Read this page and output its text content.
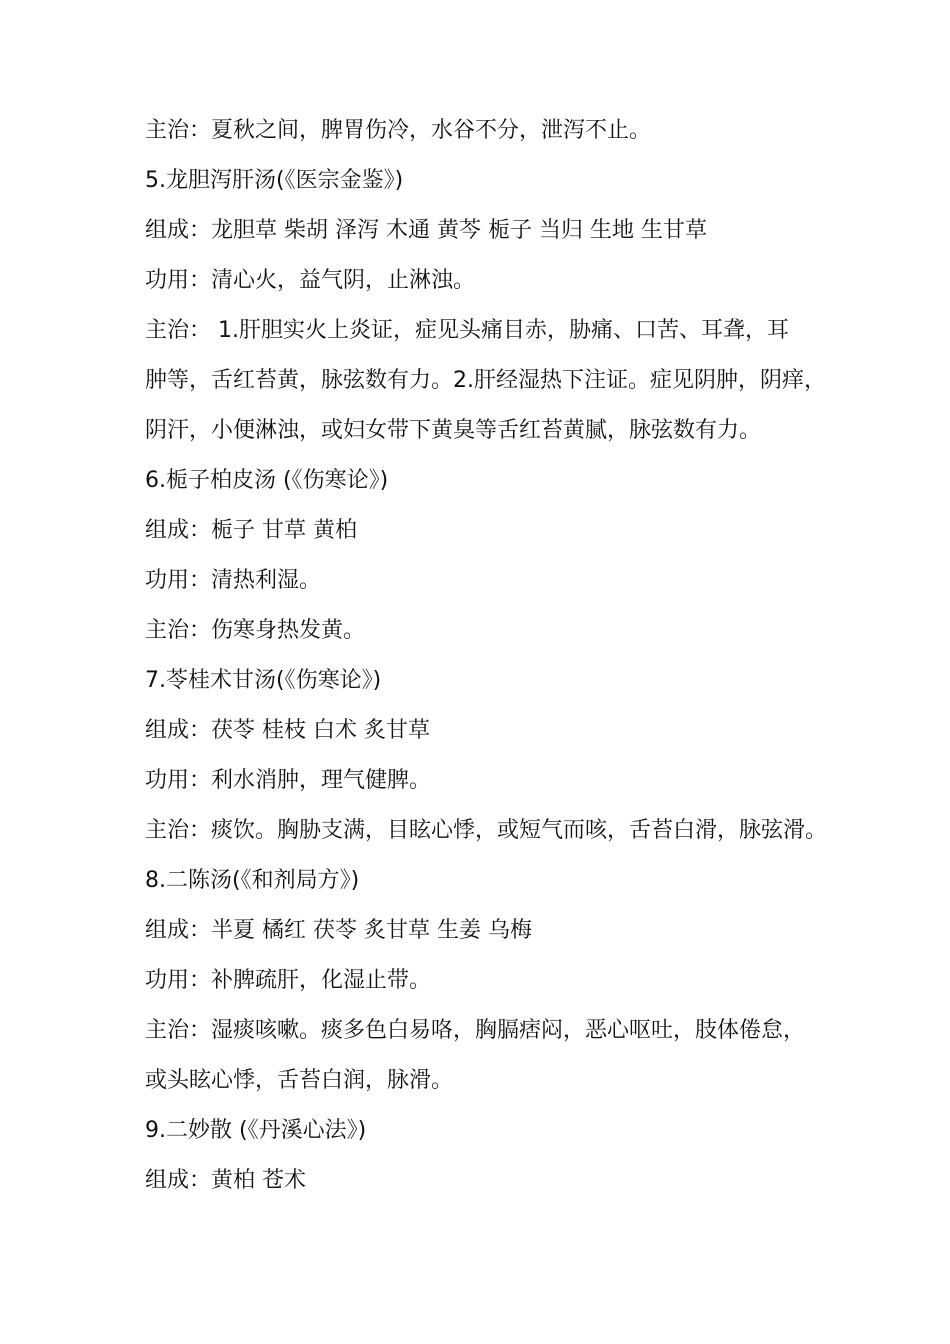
主治：夏秋之间，脾胃伤冷，水谷不分，泄泻不止。
5.龙胆泻肝汤(《医宗金鉴》)
组成：龙胆草 柴胡 泽泻 木通 黄芩 栀子 当归 生地 生甘草
功用：清心火，益气阴，止淋浊。
主治： 1.肝胆实火上炎证，症见头痛目赤，胁痛、口苦、耳聋，耳
肿等，舌红苔黄，脉弦数有力。2.肝经湿热下注证。症见阴肿，阴痒，
阴汗，小便淋浊，或妇女带下黄臭等舌红苔黄腻，脉弦数有力。
6.栀子柏皮汤 (《伤寒论》)
组成：栀子 甘草 黄柏
功用：清热利湿。
主治：伤寒身热发黄。
7.苓桂术甘汤(《伤寒论》)
组成：茯苓 桂枝 白术 炙甘草
功用：利水消肿，理气健脾。
主治：痰饮。胸胁支满，目眩心悸，或短气而咳，舌苔白滑，脉弦滑。
8.二陈汤(《和剂局方》)
组成：半夏 橘红 茯苓 炙甘草 生姜 乌梅
功用：补脾疏肝，化湿止带。
主治：湿痰咳嗽。痰多色白易咯，胸膈痞闷，恶心呕吐，肢体倦怠，
或头眩心悸，舌苔白润，脉滑。
9.二妙散 (《丹溪心法》)
组成：黄柏 苍术
